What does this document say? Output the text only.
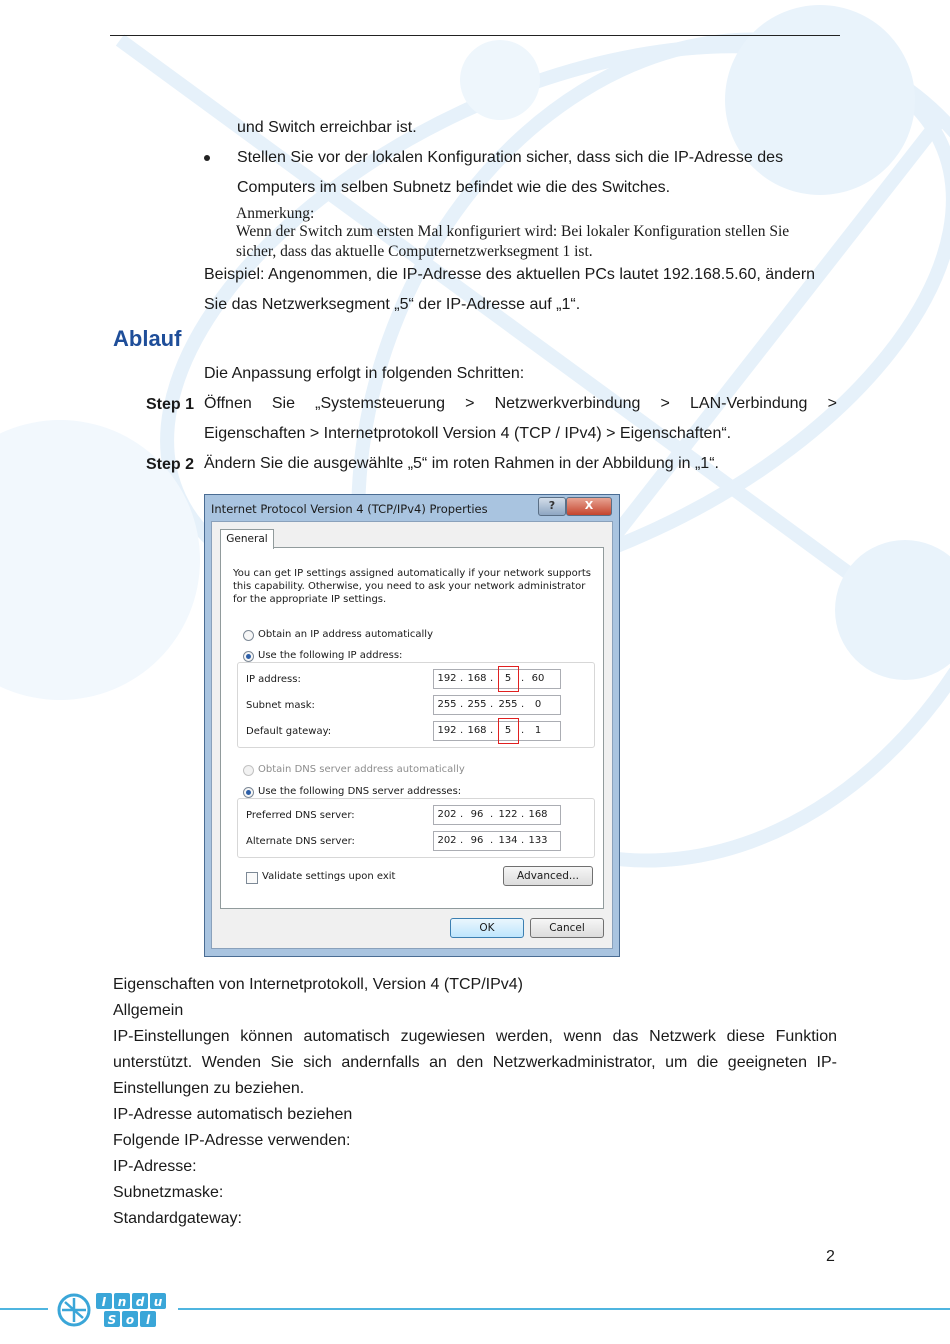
und Switch erreichbar ist.
Stellen Sie vor der lokalen Konfiguration sicher, dass sich die IP-Adresse des
Computers im selben Subnetz befindet wie die des Switches.
Anmerkung:
Wenn der Switch zum ersten Mal konfiguriert wird: Bei lokaler Konfiguration stellen Sie
sicher, dass das aktuelle Computernetzwerksegment 1 ist.
Beispiel: Angenommen, die IP-Adresse des aktuellen PCs lautet 192.168.5.60, ändern
Sie das Netzwerksegment „5“ der IP-Adresse auf „1“.
Ablauf
Die Anpassung erfolgt in folgenden Schritten:
Step 1 Öffnen Sie „Systemsteuerung > Netzwerkverbindung > LAN-Verbindung >
Eigenschaften > Internetprotokoll Version 4 (TCP / IPv4) > Eigenschaften“.
Step 2 Ändern Sie die ausgewählte „5“ im roten Rahmen in der Abbildung in „1“.
Internet Protocol Version 4 (TCP/IPv4) Properties	?	X
General
You can get IP settings assigned automatically if your network supports
this capability. Otherwise, you need to ask your network administrator
for the appropriate IP settings.
Obtain an IP address automatically
Use the following IP address:
IP address:	192 . 168 .	5 . 60
Subnet mask:	255 . 255 . 255 .	0
Default gateway:	192 . 168 .	5 .	1
Obtain DNS server address automatically
Use the following DNS server addresses:
Preferred DNS server:	202 . 96 . 122 . 168
Alternate DNS server:	202 . 96 . 134 . 133
Validate settings upon exit	Advanced...
OK	Cancel
Eigenschaften von Internetprotokoll, Version 4 (TCP/IPv4)
Allgemein
IP-Einstellungen können automatisch zugewiesen werden, wenn das Netzwerk diese Funktion unterstützt. Wenden Sie sich andernfalls an den Netzwerkadministrator, um die geeigneten IP-Einstellungen zu beziehen.
IP-Adresse automatisch beziehen
Folgende IP-Adresse verwenden:
IP-Adresse:
Subnetzmaske:
Standardgateway:
2
I n d u
S o l
